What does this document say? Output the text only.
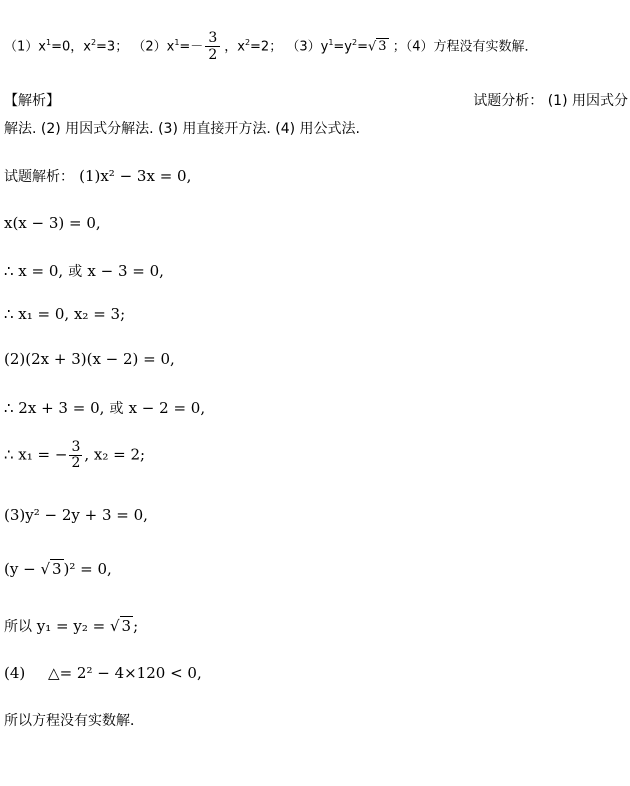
$(1)x^1=0$，$x^2=3$； $(2)x^1=- \frac{3}{2}$ ，$x^2=2$； $(3)y^1=y^2=√$ 3 ；（4）方程没有实数解．
【解析】	试题分析： (1) 用因式分
解法. (2) 用因式分解法. (3) 用直接开方法. (4) 用公式法.
试题解析： (1)x² − 3x = 0,
x(x − 3) = 0,
∴ x = 0, 或 x − 3 = 0,
∴ x₁ = 0, x₂ = 3;
(2)(2x + 3)(x − 2) = 0,
∴ 2x + 3 = 0, 或 x − 2 = 0,
∴ x₁ = − $\frac{3}{2}$ , x₂ = 2;
(3)y² − 2y + 3 = 0,
(y − √ 3 )² = 0,
所以 y₁ = y₂ = √ 3 ;
(4) △= 2² − 4×120 < 0,
所以方程没有实数解．
